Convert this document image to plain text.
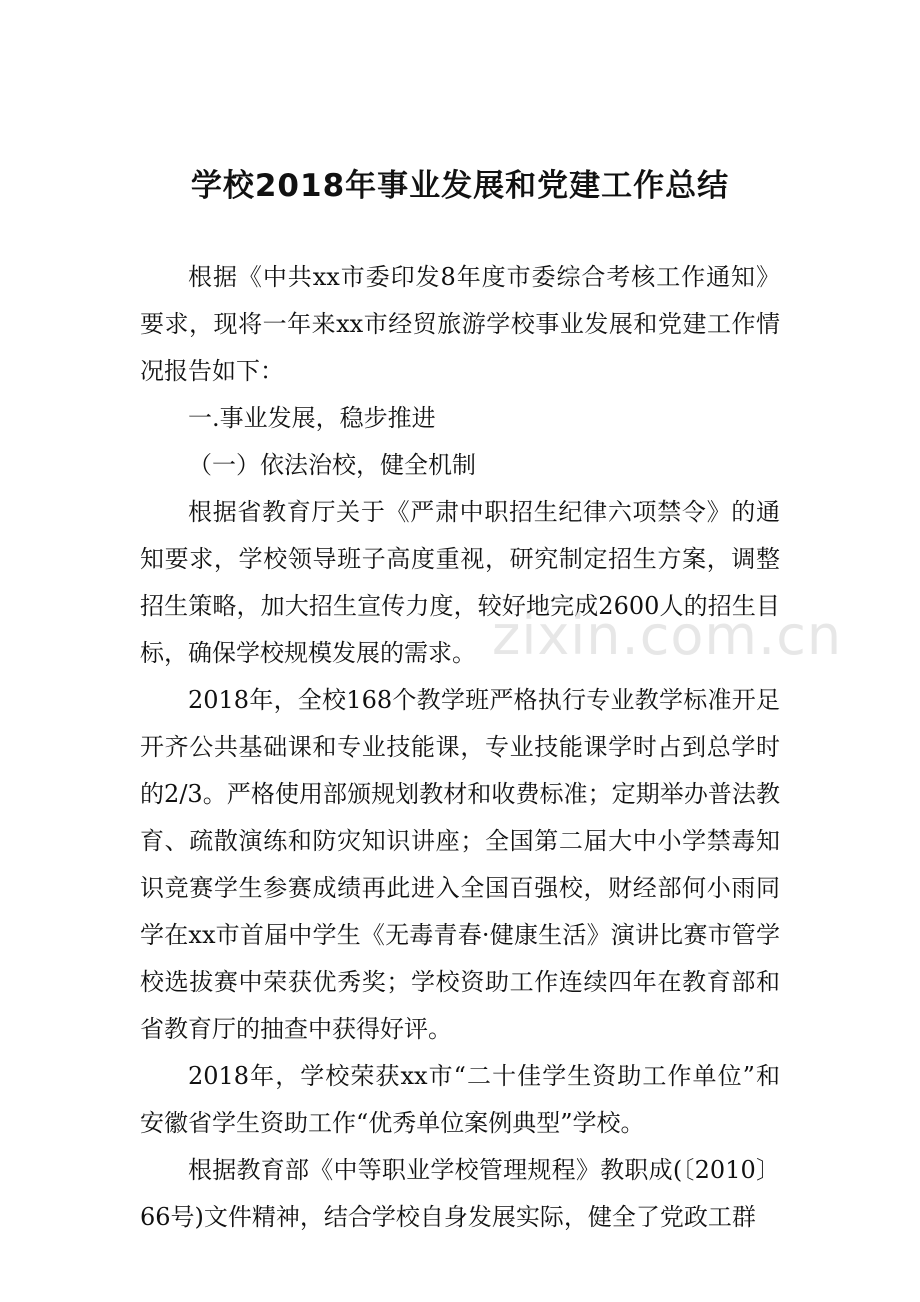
学校2018年事业发展和党建工作总结

根据《中共xx市委印发8年度市委综合考核工作通知》要求，现将一年来xx市经贸旅游学校事业发展和党建工作情况报告如下：

一.事业发展，稳步推进

（一）依法治校，健全机制

根据省教育厅关于《严肃中职招生纪律六项禁令》的通知要求，学校领导班子高度重视，研究制定招生方案，调整招生策略，加大招生宣传力度，较好地完成2600人的招生目标，确保学校规模发展的需求。

2018年，全校168个教学班严格执行专业教学标准开足开齐公共基础课和专业技能课，专业技能课学时占到总学时的2/3。严格使用部颁规划教材和收费标准；定期举办普法教育、疏散演练和防灾知识讲座；全国第二届大中小学禁毒知识竞赛学生参赛成绩再此进入全国百强校，财经部何小雨同学在xx市首届中学生《无毒青春·健康生活》演讲比赛市管学校选拔赛中荣获优秀奖；学校资助工作连续四年在教育部和省教育厅的抽查中获得好评。

2018年，学校荣获xx市“二十佳学生资助工作单位”和安徽省学生资助工作“优秀单位案例典型”学校。

根据教育部《中等职业学校管理规程》教职成(〔2010〕66号)文件精神，结合学校自身发展实际，健全了党政工群

zixin.com.cn
